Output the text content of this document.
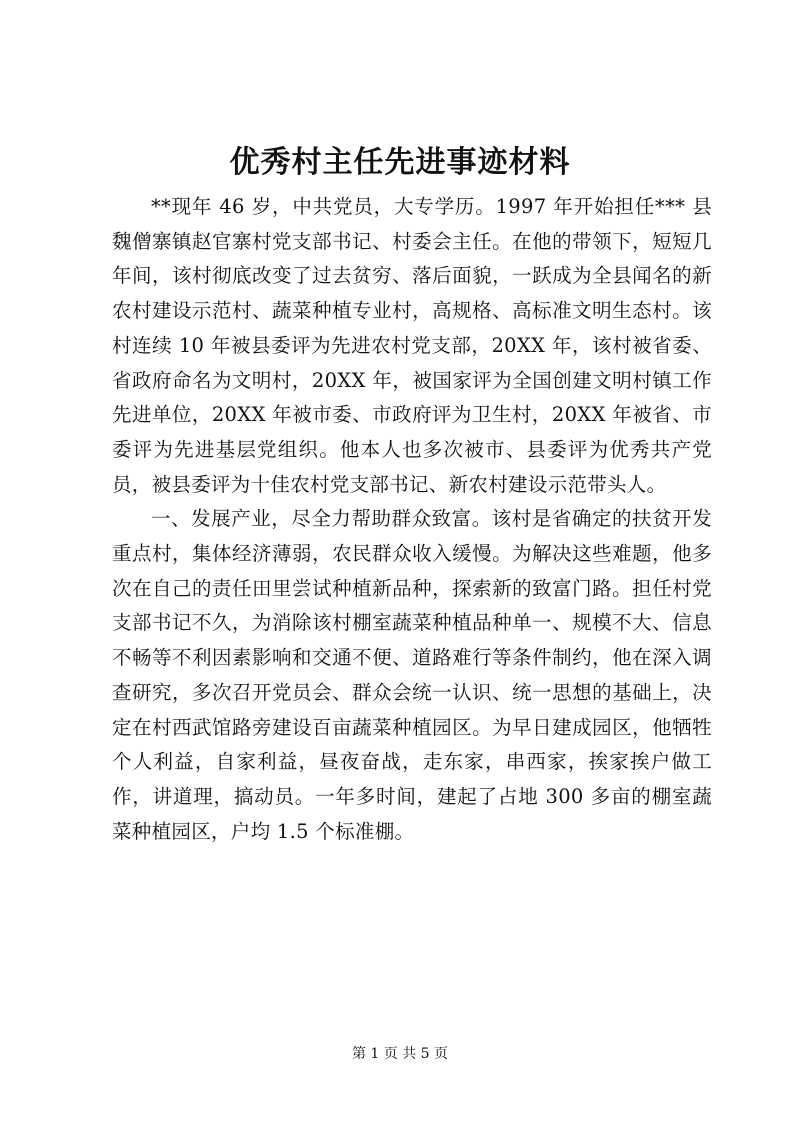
优秀村主任先进事迹材料

**现年 46 岁，中共党员，大专学历。1997 年开始担任*** 县魏僧寨镇赵官寨村党支部书记、村委会主任。在他的带领下，短短几年间，该村彻底改变了过去贫穷、落后面貌，一跃成为全县闻名的新农村建设示范村、蔬菜种植专业村，高规格、高标准文明生态村。该村连续 10 年被县委评为先进农村党支部，20XX 年，该村被省委、省政府命名为文明村，20XX 年，被国家评为全国创建文明村镇工作先进单位，20XX 年被市委、市政府评为卫生村，20XX 年被省、市委评为先进基层党组织。他本人也多次被市、县委评为优秀共产党员，被县委评为十佳农村党支部书记、新农村建设示范带头人。

一、发展产业，尽全力帮助群众致富。该村是省确定的扶贫开发重点村，集体经济薄弱，农民群众收入缓慢。为解决这些难题，他多次在自己的责任田里尝试种植新品种，探索新的致富门路。担任村党支部书记不久，为消除该村棚室蔬菜种植品种单一、规模不大、信息不畅等不利因素影响和交通不便、道路难行等条件制约，他在深入调查研究，多次召开党员会、群众会统一认识、统一思想的基础上，决定在村西武馆路旁建设百亩蔬菜种植园区。为早日建成园区，他牺牲个人利益，自家利益，昼夜奋战，走东家，串西家，挨家挨户做工作，讲道理，搞动员。一年多时间，建起了占地 300 多亩的棚室蔬菜种植园区，户均 1.5 个标准棚。

第 1 页 共 5 页
